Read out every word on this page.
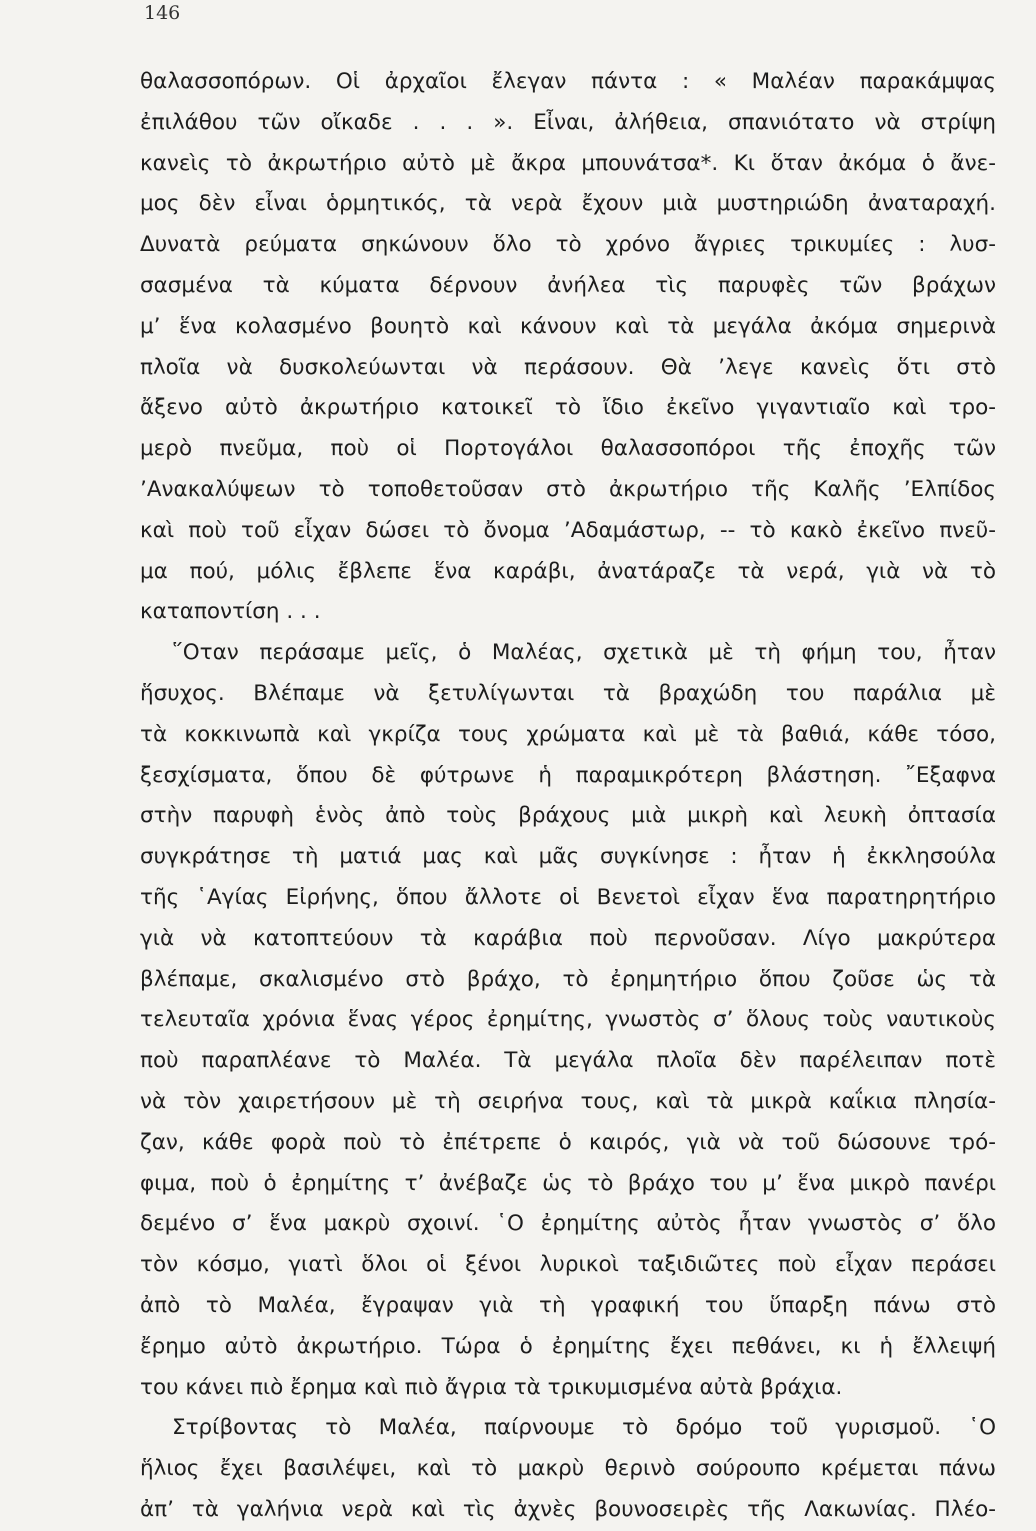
146
θαλασσοπόρων. Οἱ ἀρχαῖοι ἔλεγαν πάντα : « Μαλέαν παρακάμψας
ἐπιλάθου τῶν οἴκαδε . . . ». Εἶναι, ἀλήθεια, σπανιότατο νὰ στρίψη
κανεὶς τὸ ἀκρωτήριο αὐτὸ μὲ ἄκρα μπουνάτσα*. Κι ὅταν ἀκόμα ὁ ἄνε-
μος δὲν εἶναι ὁρμητικός, τὰ νερὰ ἔχουν μιὰ μυστηριώδη ἀναταραχή.
Δυνατὰ ρεύματα σηκώνουν ὅλο τὸ χρόνο ἄγριες τρικυμίες : λυσ-
σασμένα τὰ κύματα δέρνουν ἀνήλεα τὶς παρυφὲς τῶν βράχων
μ’ ἕνα κολασμένο βουητὸ καὶ κάνουν καὶ τὰ μεγάλα ἀκόμα σημερινὰ
πλοῖα νὰ δυσκολεύωνται νὰ περάσουν. Θὰ ’λεγε κανεὶς ὅτι στὸ
ἄξενο αὐτὸ ἀκρωτήριο κατοικεῖ τὸ ἴδιο ἐκεῖνο γιγαντιαῖο καὶ τρο-
μερὸ πνεῦμα, ποὺ οἱ Πορτογάλοι θαλασσοπόροι τῆς ἐποχῆς τῶν
’Ανακαλύψεων τὸ τοποθετοῦσαν στὸ ἀκρωτήριο τῆς Καλῆς ’Ελπίδος
καὶ ποὺ τοῦ εἶχαν δώσει τὸ ὄνομα ’Αδαμάστωρ, -- τὸ κακὸ ἐκεῖνο πνεῦ-
μα πού, μόλις ἔβλεπε ἕνα καράβι, ἀνατάραζε τὰ νερά, γιὰ νὰ τὸ
καταποντίση . . .
῞Οταν περάσαμε μεῖς, ὁ Μαλέας, σχετικὰ μὲ τὴ φήμη του, ἦταν
ἥσυχος. Βλέπαμε νὰ ξετυλίγωνται τὰ βραχώδη του παράλια μὲ
τὰ κοκκινωπὰ καὶ γκρίζα τους χρώματα καὶ μὲ τὰ βαθιά, κάθε τόσο,
ξεσχίσματα, ὅπου δὲ φύτρωνε ἡ παραμικρότερη βλάστηση. ῎Εξαφνα
στὴν παρυφὴ ἑνὸς ἀπὸ τοὺς βράχους μιὰ μικρὴ καὶ λευκὴ ὀπτασία
συγκράτησε τὴ ματιά μας καὶ μᾶς συγκίνησε : ἦταν ἡ ἐκκλησούλα
τῆς ῾Αγίας Εἰρήνης, ὅπου ἄλλοτε οἱ Βενετοὶ εἶχαν ἕνα παρατηρητήριο
γιὰ νὰ κατοπτεύουν τὰ καράβια ποὺ περνοῦσαν. Λίγο μακρύτερα
βλέπαμε, σκαλισμένο στὸ βράχο, τὸ ἐρημητήριο ὅπου ζοῦσε ὡς τὰ
τελευταῖα χρόνια ἕνας γέρος ἐρημίτης, γνωστὸς σ’ ὅλους τοὺς ναυτικοὺς
ποὺ παραπλέανε τὸ Μαλέα. Τὰ μεγάλα πλοῖα δὲν παρέλειπαν ποτὲ
νὰ τὸν χαιρετήσουν μὲ τὴ σειρήνα τους, καὶ τὰ μικρὰ καΐκια πλησία-
ζαν, κάθε φορὰ ποὺ τὸ ἐπέτρεπε ὁ καιρός, γιὰ νὰ τοῦ δώσουνε τρό-
φιμα, ποὺ ὁ ἐρημίτης τ’ ἀνέβαζε ὡς τὸ βράχο του μ’ ἕνα μικρὸ πανέρι
δεμένο σ’ ἕνα μακρὺ σχοινί. ῾Ο ἐρημίτης αὐτὸς ἦταν γνωστὸς σ’ ὅλο
τὸν κόσμο, γιατὶ ὅλοι οἱ ξένοι λυρικοὶ ταξιδιῶτες ποὺ εἶχαν περάσει
ἀπὸ τὸ Μαλέα, ἔγραψαν γιὰ τὴ γραφική του ὕπαρξη πάνω στὸ
ἔρημο αὐτὸ ἀκρωτήριο. Τώρα ὁ ἐρημίτης ἔχει πεθάνει, κι ἡ ἔλλειψή
του κάνει πιὸ ἔρημα καὶ πιὸ ἄγρια τὰ τρικυμισμένα αὐτὰ βράχια.
Στρίβοντας τὸ Μαλέα, παίρνουμε τὸ δρόμο τοῦ γυρισμοῦ. ῾Ο
ἥλιος ἔχει βασιλέψει, καὶ τὸ μακρὺ θερινὸ σούρουπο κρέμεται πάνω
ἀπ’ τὰ γαλήνια νερὰ καὶ τὶς ἀχνὲς βουνοσειρὲς τῆς Λακωνίας. Πλέο-
